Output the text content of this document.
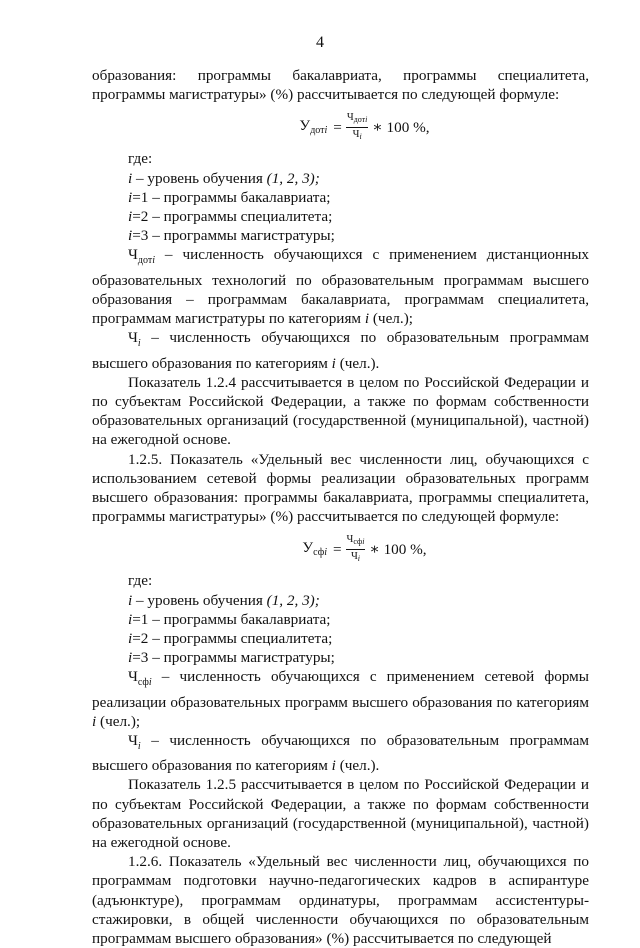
4

образования: программы бакалавриата, программы специалитета, программы магистратуры» (%) рассчитывается по следующей формуле:

$У_{дотi} = \frac{Ч_{дотi}}{Ч_i}$ ∗ 100 %,

где:

i – уровень обучения (1, 2, 3);

i=1 – программы бакалавриата;

i=2 – программы специалитета;

i=3 – программы магистратуры;

$Ч_{дотi}$ – численность обучающихся с применением дистанционных образовательных технологий по образовательным программам высшего образования – программам бакалавриата, программам специалитета, программам магистратуры по категориям i (чел.);

$Ч_i$ – численность обучающихся по образовательным программам высшего образования по категориям i (чел.).

Показатель 1.2.4 рассчитывается в целом по Российской Федерации и по субъектам Российской Федерации, а также по формам собственности образовательных организаций (государственной (муниципальной), частной) на ежегодной основе.

1.2.5. Показатель «Удельный вес численности лиц, обучающихся с использованием сетевой формы реализации образовательных программ высшего образования: программы бакалавриата, программы специалитета, программы магистратуры» (%) рассчитывается по следующей формуле:

$У_{сфi} = \frac{Ч_{сфi}}{Ч_i}$ ∗ 100 %,

где:

i – уровень обучения (1, 2, 3);

i=1 – программы бакалавриата;

i=2 – программы специалитета;

i=3 – программы магистратуры;

$Ч_{сфi}$ – численность обучающихся с применением сетевой формы реализации образовательных программ высшего образования по категориям i (чел.);

$Ч_i$ – численность обучающихся по образовательным программам высшего образования по категориям i (чел.).

Показатель 1.2.5 рассчитывается в целом по Российской Федерации и по субъектам Российской Федерации, а также по формам собственности образовательных организаций (государственной (муниципальной), частной) на ежегодной основе.

1.2.6. Показатель «Удельный вес численности лиц, обучающихся по программам подготовки научно-педагогических кадров в аспирантуре (адъюнктуре), программам ординатуры, программам ассистентуры-стажировки, в общей численности обучающихся по образовательным программам высшего образования» (%) рассчитывается по следующей
